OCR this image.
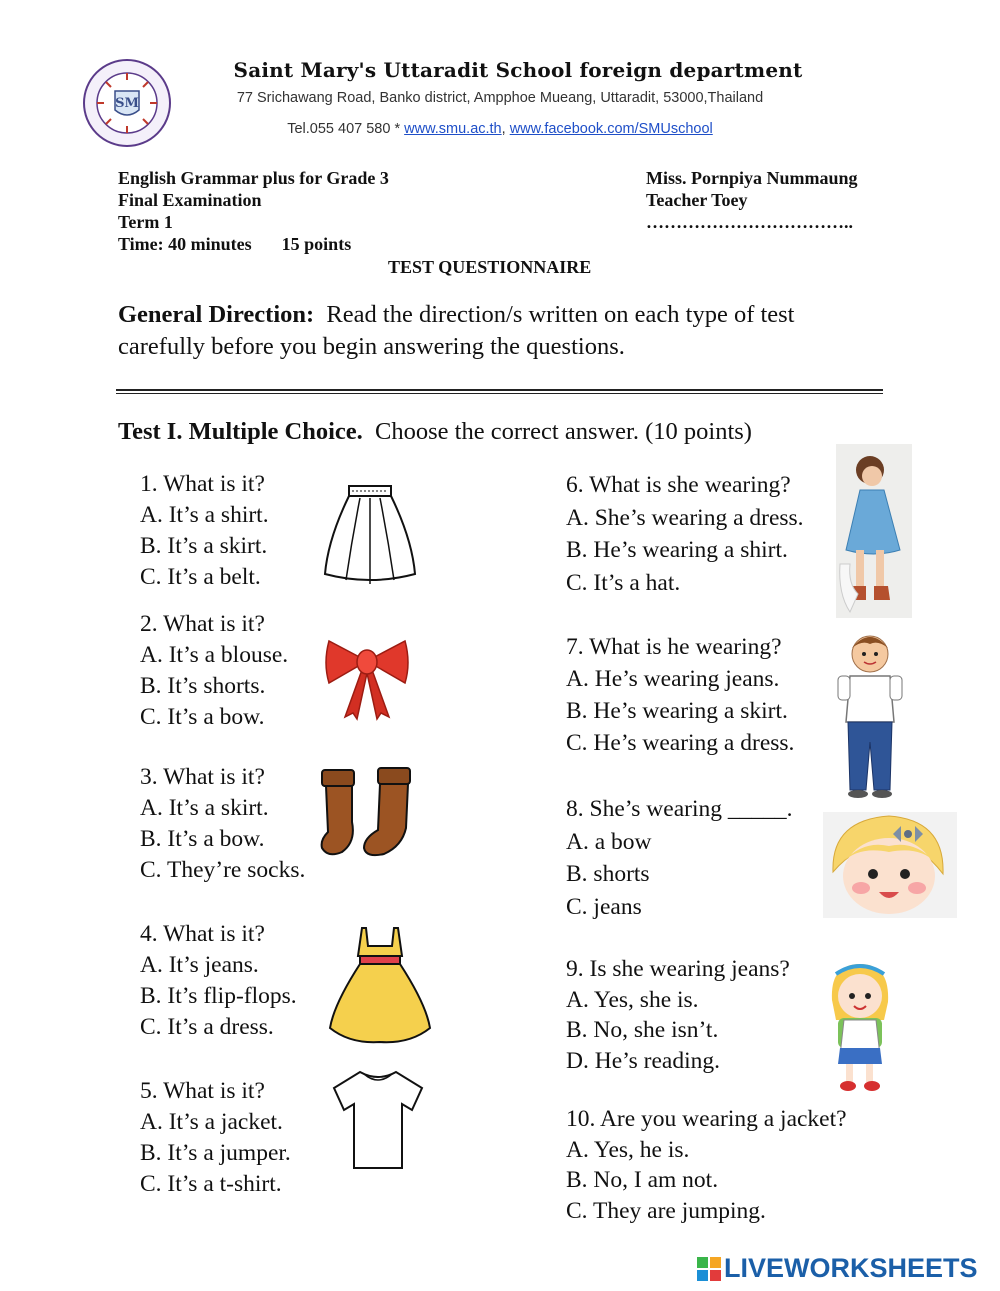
SM
Saint Mary's Uttaradit School foreign department
77 Srichawang Road, Banko district, Ampphoe Mueang, Uttaradit, 53000,Thailand
Tel.055 407 580 * www.smu.ac.th, www.facebook.com/SMUschool
English Grammar plus for Grade 3
Final Examination
Term 1
Time: 40 minutes 15 points
Miss. Pornpiya Nummaung
Teacher Toey
……………………………..
TEST QUESTIONNAIRE
General Direction: Read the direction/s written on each type of test carefully before you begin answering the questions.
Test I. Multiple Choice. Choose the correct answer. (10 points)
1. What is it?
A. It’s a shirt.
B. It’s a skirt.
C. It’s a belt.
2. What is it?
A. It’s a blouse.
B. It’s shorts.
C. It’s a bow.
3. What is it?
A. It’s a skirt.
B. It’s a bow.
C. They’re socks.
4. What is it?
A. It’s jeans.
B. It’s flip-flops.
C. It’s a dress.
5. What is it?
A. It’s a jacket.
B. It’s a jumper.
C. It’s a t-shirt.
6. What is she wearing?
A. She’s wearing a dress.
B. He’s wearing a shirt.
C. It’s a hat.
7. What is he wearing?
A. He’s wearing jeans.
B. He’s wearing a skirt.
C. He’s wearing a dress.
8. She’s wearing _____.
A. a bow
B. shorts
C. jeans
9. Is she wearing jeans?
A. Yes, she is.
B. No, she isn’t.
D. He’s reading.
10. Are you wearing a jacket?
A. Yes, he is.
B. No, I am not.
C. They are jumping.
LIVEWORKSHEETS
